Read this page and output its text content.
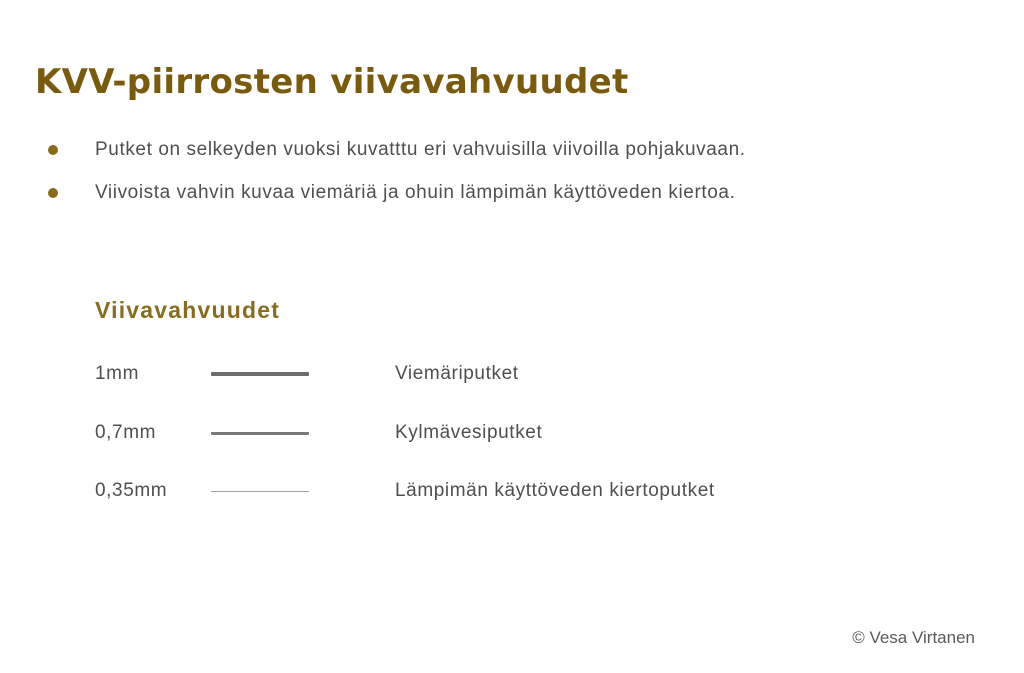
KVV-piirrosten viivavahvuudet
Putket on selkeyden vuoksi kuvatttu eri vahvuisilla viivoilla pohjakuvaan.
Viivoista vahvin kuvaa viemäriä ja ohuin lämpimän käyttöveden kiertoa.
Viivavahvuudet
1mm	Viemäriputket
0,7mm	Kylmävesiputket
0,35mm	Lämpimän käyttöveden kiertoputket
© Vesa Virtanen
